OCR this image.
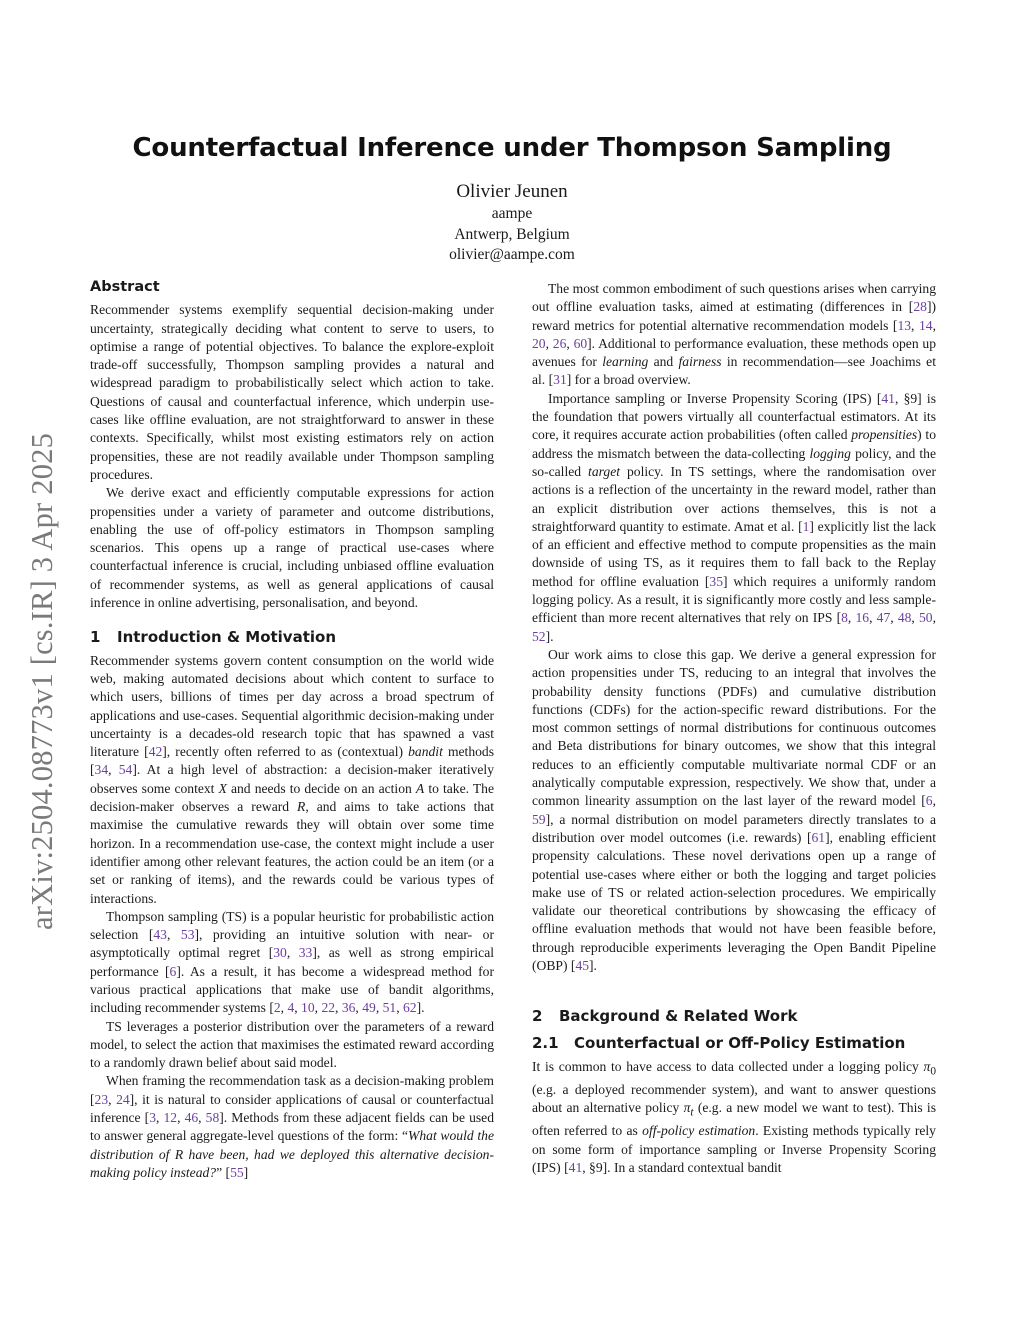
arXiv:2504.08773v1 [cs.IR] 3 Apr 2025
Counterfactual Inference under Thompson Sampling
Olivier Jeunen
aampe
Antwerp, Belgium
olivier@aampe.com
Abstract

Recommender systems exemplify sequential decision-making under uncertainty, strategically deciding what content to serve to users, to optimise a range of potential objectives. To balance the explore-exploit trade-off successfully, Thompson sampling provides a natural and widespread paradigm to probabilistically select which action to take. Questions of causal and counterfactual inference, which underpin use-cases like offline evaluation, are not straightforward to answer in these contexts. Specifically, whilst most existing estimators rely on action propensities, these are not readily available under Thompson sampling procedures.

We derive exact and efficiently computable expressions for action propensities under a variety of parameter and outcome distributions, enabling the use of off-policy estimators in Thompson sampling scenarios. This opens up a range of practical use-cases where counterfactual inference is crucial, including unbiased offline evaluation of recommender systems, as well as general applications of causal inference in online advertising, personalisation, and beyond.

1 Introduction & Motivation

Recommender systems govern content consumption on the world wide web, making automated decisions about which content to surface to which users, billions of times per day across a broad spectrum of applications and use-cases. Sequential algorithmic decision-making under uncertainty is a decades-old research topic that has spawned a vast literature [42], recently often referred to as (contextual) bandit methods [34, 54]. At a high level of abstraction: a decision-maker iteratively observes some context X and needs to decide on an action A to take. The decision-maker observes a reward R, and aims to take actions that maximise the cumulative rewards they will obtain over some time horizon. In a recommendation use-case, the context might include a user identifier among other relevant features, the action could be an item (or a set or ranking of items), and the rewards could be various types of interactions.

Thompson sampling (TS) is a popular heuristic for probabilistic action selection [43, 53], providing an intuitive solution with near- or asymptotically optimal regret [30, 33], as well as strong empirical performance [6]. As a result, it has become a widespread method for various practical applications that make use of bandit algorithms, including recommender systems [2, 4, 10, 22, 36, 49, 51, 62].

TS leverages a posterior distribution over the parameters of a reward model, to select the action that maximises the estimated reward according to a randomly drawn belief about said model.

When framing the recommendation task as a decision-making problem [23, 24], it is natural to consider applications of causal or counterfactual inference [3, 12, 46, 58]. Methods from these adjacent fields can be used to answer general aggregate-level questions of the form: “What would the distribution of R have been, had we deployed this alternative decision-making policy instead?” [55]

The most common embodiment of such questions arises when carrying out offline evaluation tasks, aimed at estimating (differences in [28]) reward metrics for potential alternative recommendation models [13, 14, 20, 26, 60]. Additional to performance evaluation, these methods open up avenues for learning and fairness in recommendation—see Joachims et al. [31] for a broad overview.

Importance sampling or Inverse Propensity Scoring (IPS) [41, §9] is the foundation that powers virtually all counterfactual estimators. At its core, it requires accurate action probabilities (often called propensities) to address the mismatch between the data-collecting logging policy, and the so-called target policy. In TS settings, where the randomisation over actions is a reflection of the uncertainty in the reward model, rather than an explicit distribution over actions themselves, this is not a straightforward quantity to estimate. Amat et al. [1] explicitly list the lack of an efficient and effective method to compute propensities as the main downside of using TS, as it requires them to fall back to the Replay method for offline evaluation [35] which requires a uniformly random logging policy. As a result, it is significantly more costly and less sample-efficient than more recent alternatives that rely on IPS [8, 16, 47, 48, 50, 52].

Our work aims to close this gap. We derive a general expression for action propensities under TS, reducing to an integral that involves the probability density functions (PDFs) and cumulative distribution functions (CDFs) for the action-specific reward distributions. For the most common settings of normal distributions for continuous outcomes and Beta distributions for binary outcomes, we show that this integral reduces to an efficiently computable multivariate normal CDF or an analytically computable expression, respectively. We show that, under a common linearity assumption on the last layer of the reward model [6, 59], a normal distribution on model parameters directly translates to a distribution over model outcomes (i.e. rewards) [61], enabling efficient propensity calculations. These novel derivations open up a range of potential use-cases where either or both the logging and target policies make use of TS or related action-selection procedures. We empirically validate our theoretical contributions by showcasing the efficacy of offline evaluation methods that would not have been feasible before, through reproducible experiments leveraging the Open Bandit Pipeline (OBP) [45].

2 Background & Related Work
2.1 Counterfactual or Off-Policy Estimation

It is common to have access to data collected under a logging policy $\pi_0$ (e.g. a deployed recommender system), and want to answer questions about an alternative policy $\pi_t$ (e.g. a new model we want to test). This is often referred to as off-policy estimation. Existing methods typically rely on some form of importance sampling or Inverse Propensity Scoring (IPS) [41, §9]. In a standard contextual bandit
